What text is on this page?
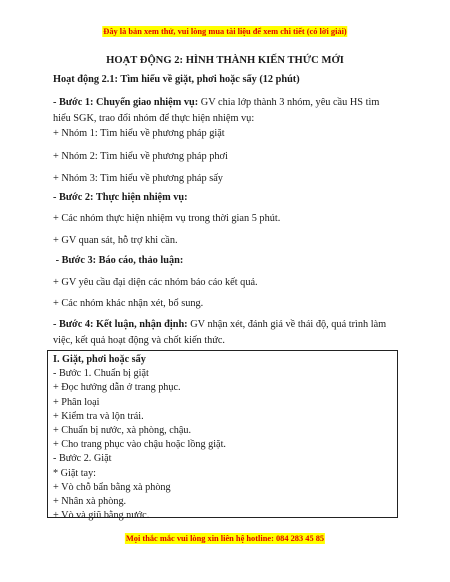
Đây là bản xem thử, vui lòng mua tài liệu để xem chi tiết (có lời giải)
HOẠT ĐỘNG 2: HÌNH THÀNH KIẾN THỨC MỚI
Hoạt động 2.1: Tìm hiểu về giặt, phơi hoặc sấy (12 phút)
- Bước 1: Chuyển giao nhiệm vụ: GV chia lớp thành 3 nhóm, yêu cầu HS tìm hiểu SGK, trao đổi nhóm để thực hiện nhiệm vụ:
+ Nhóm 1: Tìm hiểu về phương pháp giặt
+ Nhóm 2: Tìm hiểu về phương pháp phơi
+ Nhóm 3: Tìm hiểu về phương pháp sấy
- Bước 2: Thực hiện nhiệm vụ:
+ Các nhóm thực hiện nhiệm vụ trong thời gian 5 phút.
+ GV quan sát, hỗ trợ khi cần.
- Bước 3: Báo cáo, thảo luận:
+ GV yêu cầu đại diện các nhóm báo cáo kết quả.
+ Các nhóm khác nhận xét, bổ sung.
- Bước 4: Kết luận, nhận định: GV nhận xét, đánh giá về thái độ, quá trình làm việc, kết quả hoạt động và chốt kiến thức.
I. Giặt, phơi hoặc sấy
- Bước 1. Chuẩn bị giặt
+ Đọc hướng dẫn ở trang phục.
+ Phân loại
+ Kiểm tra và lộn trái.
+ Chuẩn bị nước, xà phòng, chậu.
+ Cho trang phục vào chậu hoặc lồng giặt.
- Bước 2. Giặt
* Giặt tay:
+ Vò chỗ bẩn bằng xà phòng
+ Nhân xà phòng.
+ Vò và giũ bằng nước.
Mọi thắc mắc vui lòng xin liên hệ hotline: 084 283 45 85
